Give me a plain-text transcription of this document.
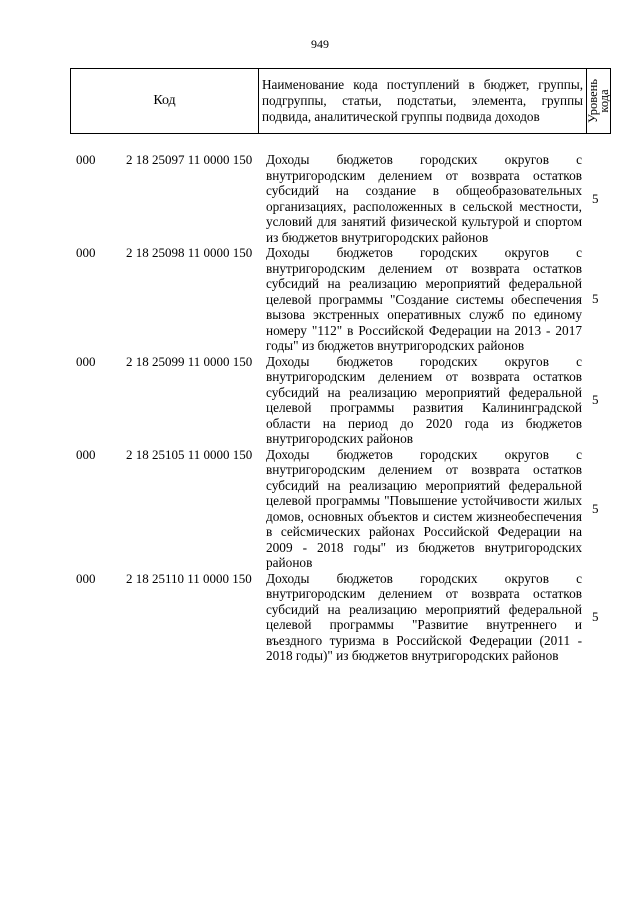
949
Код	Наименование кода поступлений в бюджет, группы, подгруппы, статьи, подстатьи, элемента, группы подвида, аналитической группы подвида доходов	Уровень
кода
000	2 18 25097 11 0000 150	Доходы бюджетов городских округов с внутригородским делением от возврата остатков субсидий на создание в общеобразовательных организациях, расположенных в сельской местности, условий для занятий физической культурой и спортом из бюджетов внутригородских районов
5
000	2 18 25098 11 0000 150	Доходы бюджетов городских округов с внутригородским делением от возврата остатков субсидий на реализацию мероприятий федеральной целевой программы "Создание системы обеспечения вызова экстренных оперативных служб по единому номеру "112" в Российской Федерации на 2013 - 2017 годы" из бюджетов внутригородских районов
5
000	2 18 25099 11 0000 150	Доходы бюджетов городских округов с внутригородским делением от возврата остатков субсидий на реализацию мероприятий федеральной целевой программы развития Калининградской области на период до 2020 года из бюджетов внутригородских районов
5
000	2 18 25105 11 0000 150	Доходы бюджетов городских округов с внутригородским делением от возврата остатков субсидий на реализацию мероприятий федеральной целевой программы "Повышение устойчивости жилых домов, основных объектов и систем жизнеобеспечения в сейсмических районах Российской Федерации на 2009 - 2018 годы" из бюджетов внутригородских районов
5
000	2 18 25110 11 0000 150	Доходы бюджетов городских округов с внутригородским делением от возврата остатков субсидий на реализацию мероприятий федеральной целевой программы "Развитие внутреннего и въездного туризма в Российской Федерации (2011 - 2018 годы)" из бюджетов внутригородских районов
5
